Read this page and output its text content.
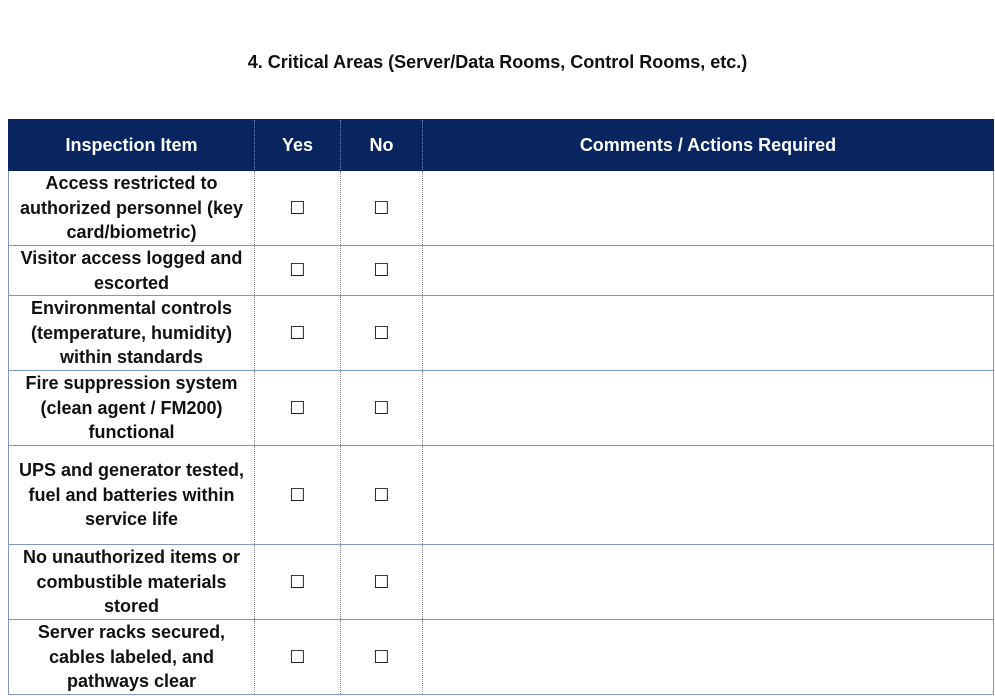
4. Critical Areas (Server/Data Rooms, Control Rooms, etc.)
Inspection Item	Yes	No	Comments / Actions Required
Access restricted to authorized personnel (key card/biometric)	☐	☐	
Visitor access logged and escorted	☐	☐	
Environmental controls (temperature, humidity) within standards	☐	☐	
Fire suppression system (clean agent / FM200) functional	☐	☐	
UPS and generator tested, fuel and batteries within service life	☐	☐	
No unauthorized items or combustible materials stored	☐	☐	
Server racks secured, cables labeled, and pathways clear	☐	☐	
